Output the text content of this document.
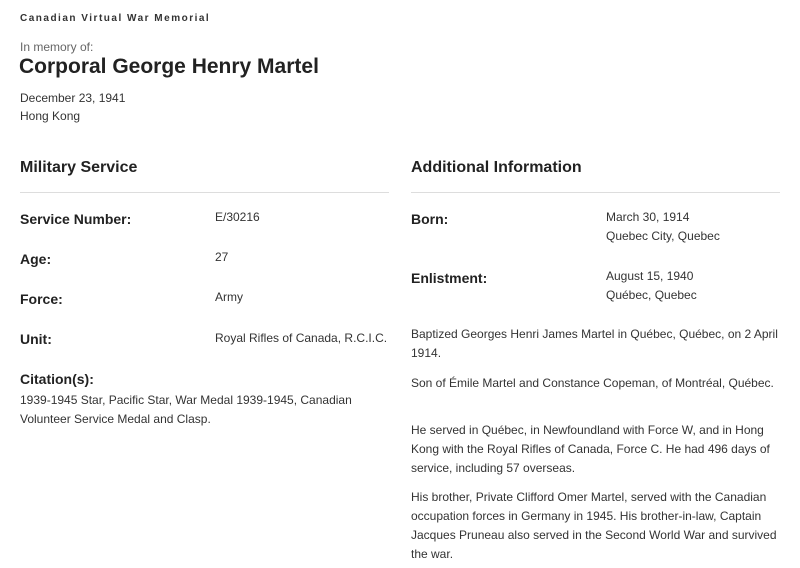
Canadian Virtual War Memorial
In memory of:
Corporal George Henry Martel
December 23, 1941
Hong Kong
Military Service
Service Number:	E/30216
Age:	27
Force:	Army
Unit:	Royal Rifles of Canada, R.C.I.C.
Citation(s):
1939-1945 Star, Pacific Star, War Medal 1939-1945, Canadian Volunteer Service Medal and Clasp.
Additional Information
Born:	March 30, 1914
Quebec City, Quebec
Enlistment:	August 15, 1940
Québec, Quebec

Baptized Georges Henri James Martel in Québec, Québec, on 2 April 1914.

Son of Émile Martel and Constance Copeman, of Montréal, Québec.

He served in Québec, in Newfoundland with Force W, and in Hong Kong with the Royal Rifles of Canada, Force C. He had 496 days of service, including 57 overseas.

His brother, Private Clifford Omer Martel, served with the Canadian occupation forces in Germany in 1945. His brother-in-law, Captain Jacques Pruneau also served in the Second World War and survived the war.
